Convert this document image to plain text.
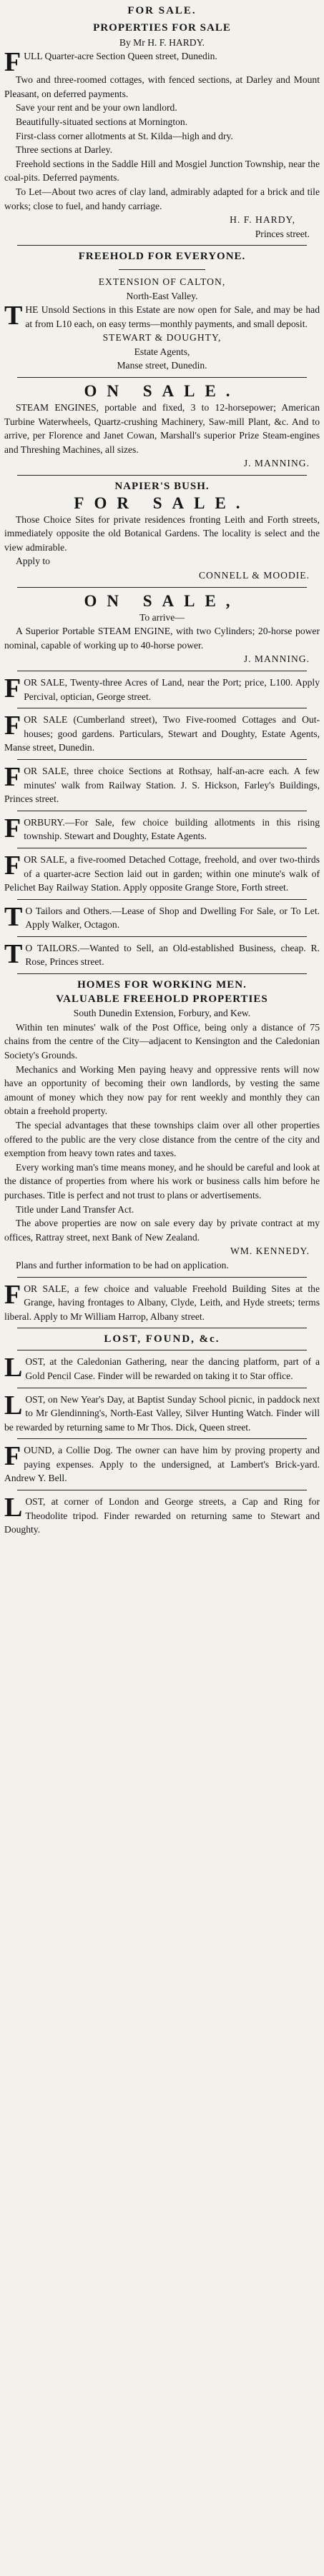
FOR SALE.
PROPERTIES FOR SALE
By Mr H. F. HARDY.
FULL Quarter-acre Section Queen street, Dunedin.
Two and three-roomed cottages, with fenced sections, at Darley and Mount Pleasant, on deferred payments.
Save your rent and be your own landlord.
Beautifully-situated sections at Mornington.
First-class corner allotments at St. Kilda—high and dry.
Three sections at Darley.
Freehold sections in the Saddle Hill and Mosgiel Junction Township, near the coal-pits. Deferred payments.
To Let—About two acres of clay land, admirably adapted for a brick and tile works; close to fuel, and handy carriage.
H. F. HARDY,
Princes street.
FREEHOLD FOR EVERYONE.
EXTENSION OF CALTON,
North-East Valley.
THE Unsold Sections in this Estate are now open for Sale, and may be had at from L10 each, on easy terms—monthly payments, and small deposit.
STEWART & DOUGHTY,
Estate Agents,
Manse street, Dunedin.
ON SALE.
STEAM ENGINES, portable and fixed, 3 to 12-horsepower; American Turbine Waterwheels, Quartz-crushing Machinery, Saw-mill Plant, &c. And to arrive, per Florence and Janet Cowan, Marshall's superior Prize Steam-engines and Threshing Machines, all sizes.
J. MANNING.
NAPIER'S BUSH.
FOR SALE.
Those Choice Sites for private residences fronting Leith and Forth streets, immediately opposite the old Botanical Gardens. The locality is select and the view admirable.
Apply to
CONNELL & MOODIE.
ON SALE,
To arrive—
A Superior Portable STEAM ENGINE, with two Cylinders; 20-horse power nominal, capable of working up to 40-horse power.
J. MANNING.
FOR SALE, Twenty-three Acres of Land, near the Port; price, L100. Apply Percival, optician, George street.
FOR SALE (Cumberland street), Two Five-roomed Cottages and Out-houses; good gardens. Particulars, Stewart and Doughty, Estate Agents, Manse street, Dunedin.
FOR SALE, three choice Sections at Rothsay, half-an-acre each. A few minutes' walk from Railway Station. J. S. Hickson, Farley's Buildings, Princes street.
FORBURY.—For Sale, few choice building allotments in this rising township. Stewart and Doughty, Estate Agents.
FOR SALE, a five-roomed Detached Cottage, freehold, and over two-thirds of a quarter-acre Section laid out in garden; within one minute's walk of Pelichet Bay Railway Station. Apply opposite Grange Store, Forth street.
T O Tailors and Others.—Lease of Shop and Dwelling For Sale, or To Let. Apply Walker, Octagon.
T O TAILORS.—Wanted to Sell, an Old-established Business, cheap. R. Rose, Princes street.
HOMES FOR WORKING MEN.
VALUABLE FREEHOLD PROPERTIES
South Dunedin Extension, Forbury, and Kew.
Within ten minutes' walk of the Post Office, being only a distance of 75 chains from the centre of the City—adjacent to Kensington and the Caledonian Society's Grounds.
Mechanics and Working Men paying heavy and oppressive rents will now have an opportunity of becoming their own landlords, by vesting the same amount of money which they now pay for rent weekly and monthly they can obtain a freehold property.
The special advantages that these townships claim over all other properties offered to the public are the very close distance from the centre of the city and exemption from heavy town rates and taxes.
Every working man's time means money, and he should be careful and look at the distance of properties from where his work or business calls him before he purchases. Title is perfect and not trust to plans or advertisements.
Title under Land Transfer Act.
The above properties are now on sale every day by private contract at my offices, Rattray street, next Bank of New Zealand.
WM. KENNEDY.
Plans and further information to be had on application.
FOR SALE, a few choice and valuable Freehold Building Sites at the Grange, having frontages to Albany, Clyde, Leith, and Hyde streets; terms liberal. Apply to Mr William Harrop, Albany street.
LOST, FOUND, &c.
LOST, at the Caledonian Gathering, near the dancing platform, part of a Gold Pencil Case. Finder will be rewarded on taking it to Star office.
LOST, on New Year's Day, at Baptist Sunday School picnic, in paddock next to Mr Glendinning's, North-East Valley, Silver Hunting Watch. Finder will be rewarded by returning same to Mr Thos. Dick, Queen street.
FOUND, a Collie Dog. The owner can have him by proving property and paying expenses. Apply to the undersigned, at Lambert's Brick-yard. Andrew Y. Bell.
LOST, at corner of London and George streets, a Cap and Ring for Theodolite tripod. Finder rewarded on returning same to Stewart and Doughty.
